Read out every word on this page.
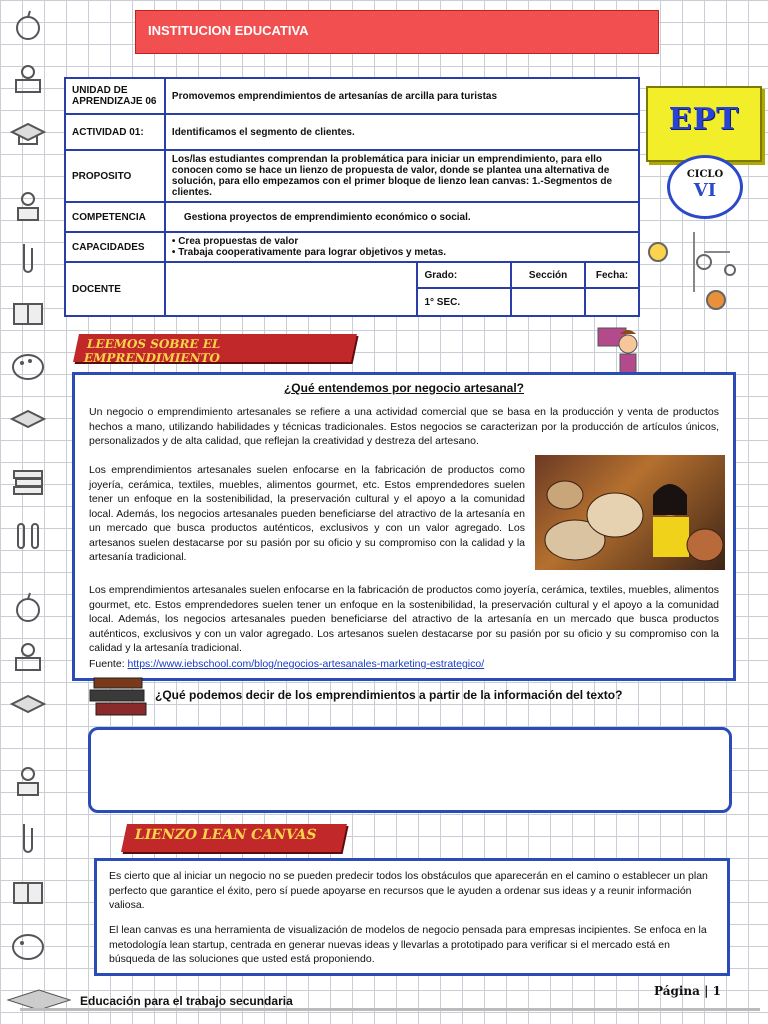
INSTITUCION EDUCATIVA
UNIDAD DE APRENDIZAJE 06	Promovemos emprendimientos de artesanías de arcilla para turistas			
ACTIVIDAD 01:	Identificamos el segmento de clientes.			
PROPOSITO	Los/las estudiantes comprendan la problemática para iniciar un emprendimiento, para ello conocen como se hace un lienzo de propuesta de valor, donde se plantea una alternativa de solución, para ello empezamos con el primer bloque de lienzo lean canvas: 1.-Segmentos de clientes.			
COMPETENCIA	Gestiona proyectos de emprendimiento económico o social.			
CAPACIDADES	• Crea propuestas de valor
• Trabaja cooperativamente para lograr objetivos y metas.			

DOCENTE		Grado:	Sección	Fecha:
		1° SEC.		
EPT
CICLO
VI
LEEMOS SOBRE EL EMPRENDIMIENTO
¿Qué entendemos por negocio artesanal?

Un negocio o emprendimiento artesanales se refiere a una actividad comercial que se basa en la producción y venta de productos hechos a mano, utilizando habilidades y técnicas tradicionales. Estos negocios se caracterizan por la producción de artículos únicos, personalizados y de alta calidad, que reflejan la creatividad y destreza del artesano.

Los emprendimientos artesanales suelen enfocarse en la fabricación de productos como joyería, cerámica, textiles, muebles, alimentos gourmet, etc. Estos emprendedores suelen tener un enfoque en la sostenibilidad, la preservación cultural y el apoyo a la comunidad local. Además, los negocios artesanales pueden beneficiarse del atractivo de la artesanía en un mercado que busca productos auténticos, exclusivos y con un valor agregado. Los artesanos suelen destacarse por su pasión por su oficio y su compromiso con la calidad y la artesanía tradicional.

Los emprendimientos artesanales suelen enfocarse en la fabricación de productos como joyería, cerámica, textiles, muebles, alimentos gourmet, etc. Estos emprendedores suelen tener un enfoque en la sostenibilidad, la preservación cultural y el apoyo a la comunidad local. Además, los negocios artesanales pueden beneficiarse del atractivo de la artesanía en un mercado que busca productos auténticos, exclusivos y con un valor agregado. Los artesanos suelen destacarse por su pasión por su oficio y su compromiso con la calidad y la artesanía tradicional.

Fuente: https://www.iebschool.com/blog/negocios-artesanales-marketing-estrategico/

¿Qué podemos decir de los emprendimientos a partir de la información del texto?
LIENZO LEAN CANVAS

Es cierto que al iniciar un negocio no se pueden predecir todos los obstáculos que aparecerán en el camino o establecer un plan perfecto que garantice el éxito, pero sí puede apoyarse en recursos que le ayuden a ordenar sus ideas y a reunir información valiosa.

El lean canvas es una herramienta de visualización de modelos de negocio pensada para empresas incipientes. Se enfoca en la metodología lean startup, centrada en generar nuevas ideas y llevarlas a prototipado para verificar si el mercado está en búsqueda de las soluciones que usted está proponiendo.

Educación para el trabajo secundaria
Página | 1
